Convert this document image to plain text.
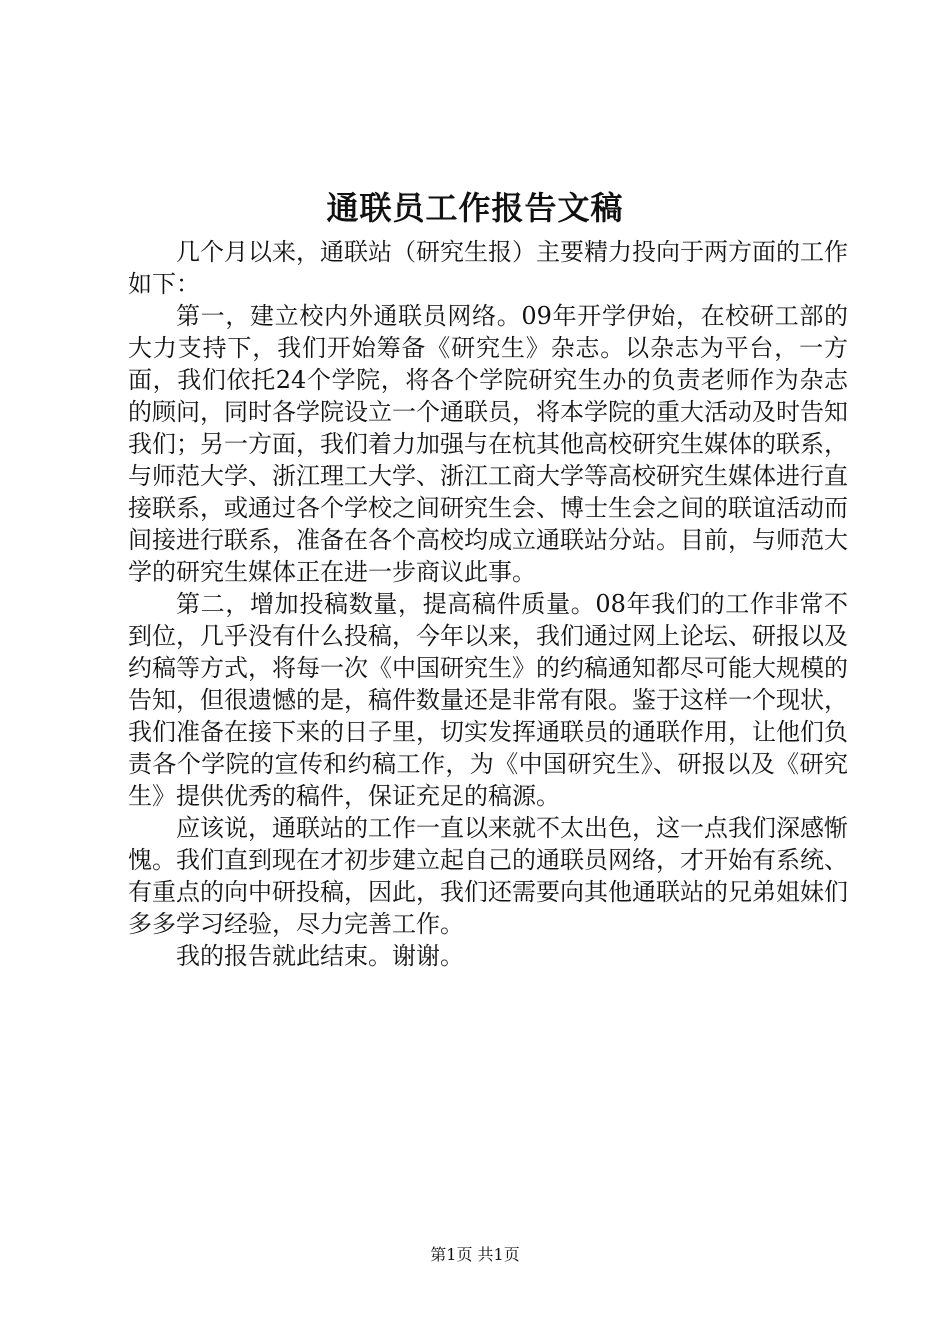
通联员工作报告文稿

几个月以来，通联站（研究生报）主要精力投向于两方面的工作如下：

第一，建立校内外通联员网络。09年开学伊始，在校研工部的大力支持下，我们开始筹备《研究生》杂志。以杂志为平台，一方面，我们依托24个学院，将各个学院研究生办的负责老师作为杂志的顾问，同时各学院设立一个通联员，将本学院的重大活动及时告知我们；另一方面，我们着力加强与在杭其他高校研究生媒体的联系，与师范大学、浙江理工大学、浙江工商大学等高校研究生媒体进行直接联系，或通过各个学校之间研究生会、博士生会之间的联谊活动而间接进行联系，准备在各个高校均成立通联站分站。目前，与师范大学的研究生媒体正在进一步商议此事。

第二，增加投稿数量，提高稿件质量。08年我们的工作非常不到位，几乎没有什么投稿，今年以来，我们通过网上论坛、研报以及约稿等方式，将每一次《中国研究生》的约稿通知都尽可能大规模的告知，但很遗憾的是，稿件数量还是非常有限。鉴于这样一个现状，我们准备在接下来的日子里，切实发挥通联员的通联作用，让他们负责各个学院的宣传和约稿工作，为《中国研究生》、研报以及《研究生》提供优秀的稿件，保证充足的稿源。

应该说，通联站的工作一直以来就不太出色，这一点我们深感惭愧。我们直到现在才初步建立起自己的通联员网络，才开始有系统、有重点的向中研投稿，因此，我们还需要向其他通联站的兄弟姐妹们多多学习经验，尽力完善工作。

我的报告就此结束。谢谢。

第1页 共1页
